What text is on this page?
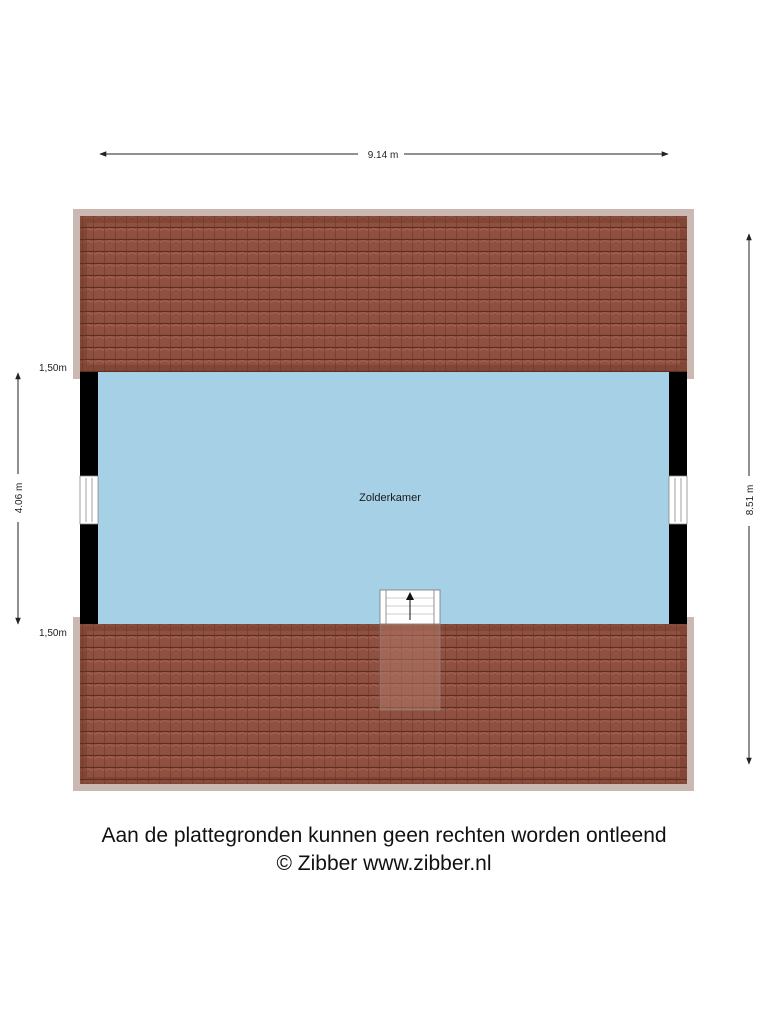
9.14 m
8.51 m
4.06 m
1,50m
1,50m
Zolderkamer
Aan de plattegronden kunnen geen rechten worden ontleend
© Zibber www.zibber.nl
